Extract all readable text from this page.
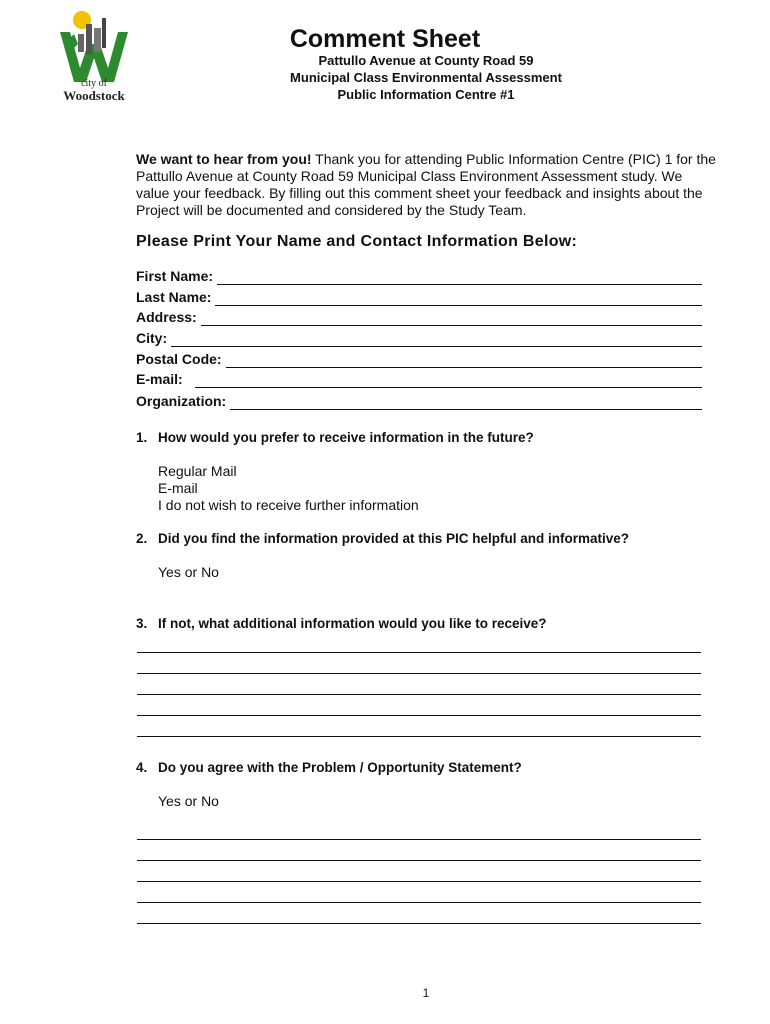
city of
Woodstock
Comment Sheet
Pattullo Avenue at County Road 59
Municipal Class Environmental Assessment
Public Information Centre #1
We want to hear from you! Thank you for attending Public Information Centre (PIC) 1 for the Pattullo Avenue at County Road 59 Municipal Class Environment Assessment study. We value your feedback. By filling out this comment sheet your feedback and insights about the Project will be documented and considered by the Study Team.
Please Print Your Name and Contact Information Below:
First Name:
Last Name:
Address:
City:
Postal Code:
E-mail:
Organization:
1. How would you prefer to receive information in the future?
Regular Mail
E-mail
I do not wish to receive further information
2. Did you find the information provided at this PIC helpful and informative?
Yes or No
3. If not, what additional information would you like to receive?
4. Do you agree with the Problem / Opportunity Statement?
Yes or No
1
